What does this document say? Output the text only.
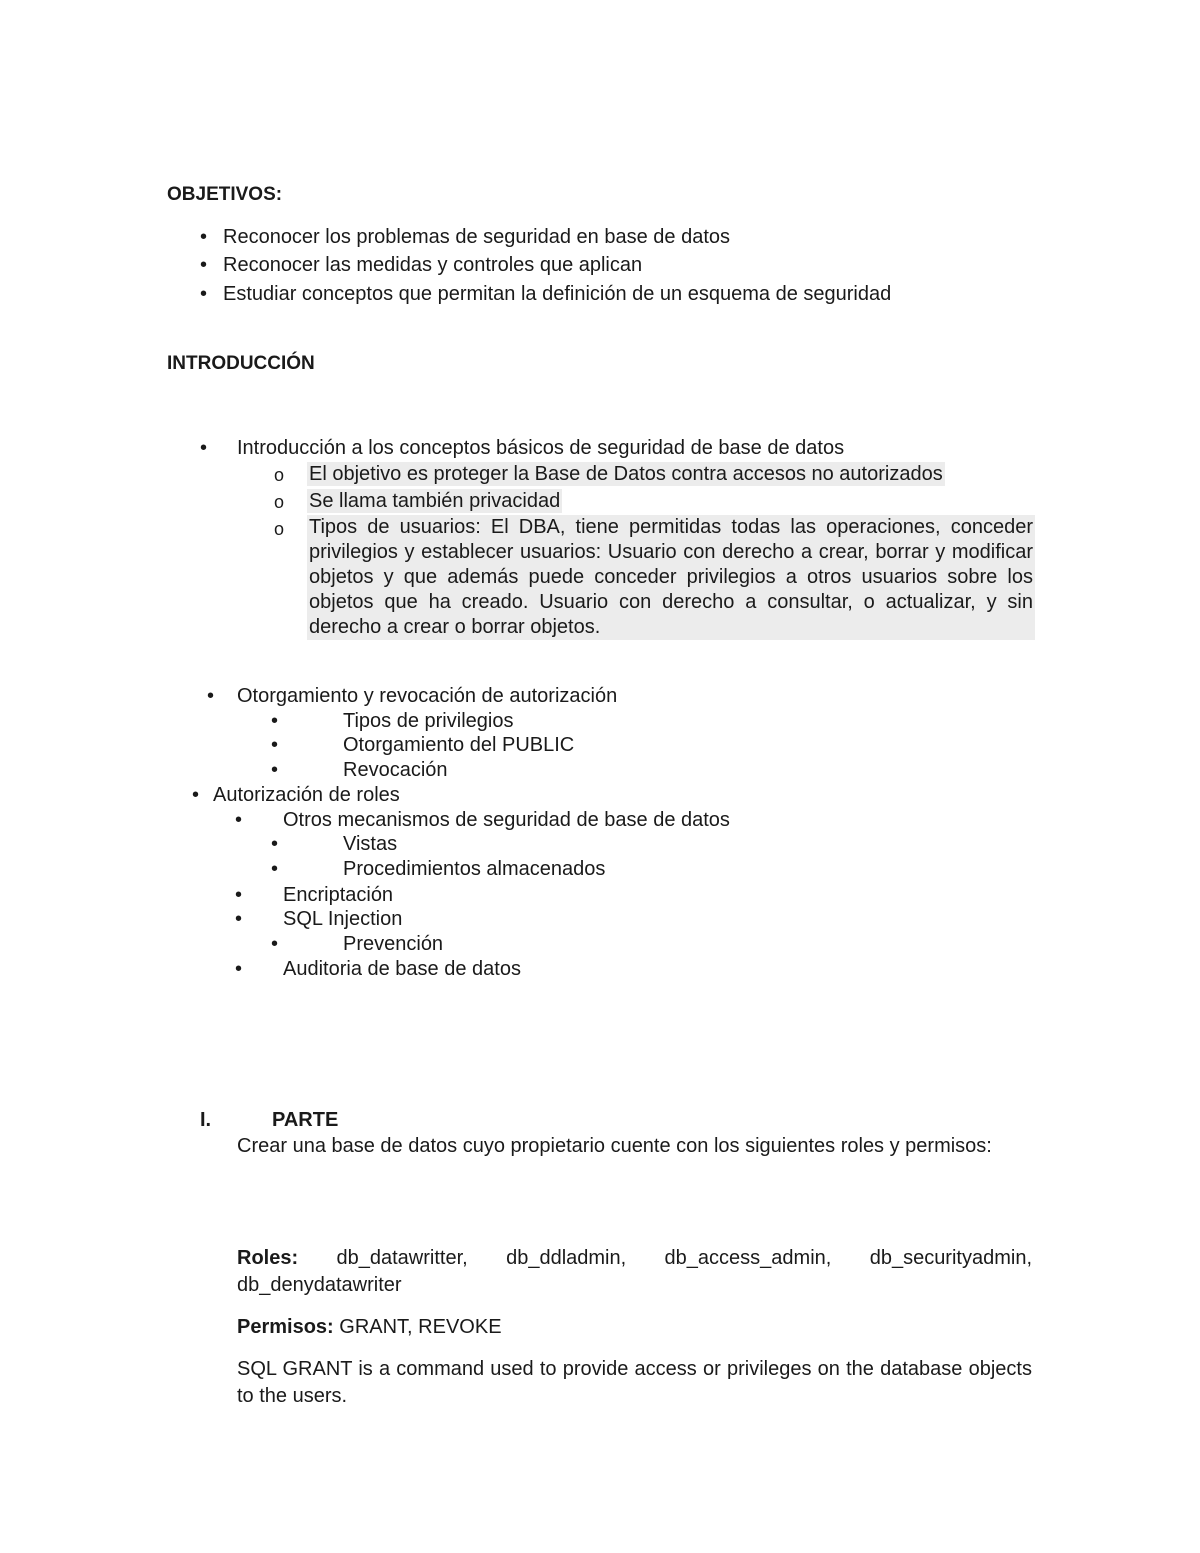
OBJETIVOS:
• Reconocer los problemas de seguridad en base de datos
• Reconocer las medidas y controles que aplican
• Estudiar conceptos que permitan la definición de un esquema de seguridad
INTRODUCCIÓN
• Introducción a los conceptos básicos de seguridad de base de datos
o El objetivo es proteger la Base de Datos contra accesos no autorizados
o Se llama también privacidad
o Tipos de usuarios: El DBA, tiene permitidas todas las operaciones, conceder privilegios y establecer usuarios: Usuario con derecho a crear, borrar y modificar objetos y que además puede conceder privilegios a otros usuarios sobre los objetos que ha creado. Usuario con derecho a consultar, o actualizar, y sin derecho a crear o borrar objetos.
• Otorgamiento y revocación de autorización
•	Tipos de privilegios
•	Otorgamiento del PUBLIC
•	Revocación
• Autorización de roles
• Otros mecanismos de seguridad de base de datos
•	Vistas
•	Procedimientos almacenados
• Encriptación
• SQL Injection
•	Prevención
• Auditoria de base de datos
I.	PARTE
Crear una base de datos cuyo propietario cuente con los siguientes roles y permisos:
Roles: db_datawritter, db_ddladmin, db_access_admin, db_securityadmin, db_denydatawriter
Permisos: GRANT, REVOKE
SQL GRANT is a command used to provide access or privileges on the database objects to the users.
